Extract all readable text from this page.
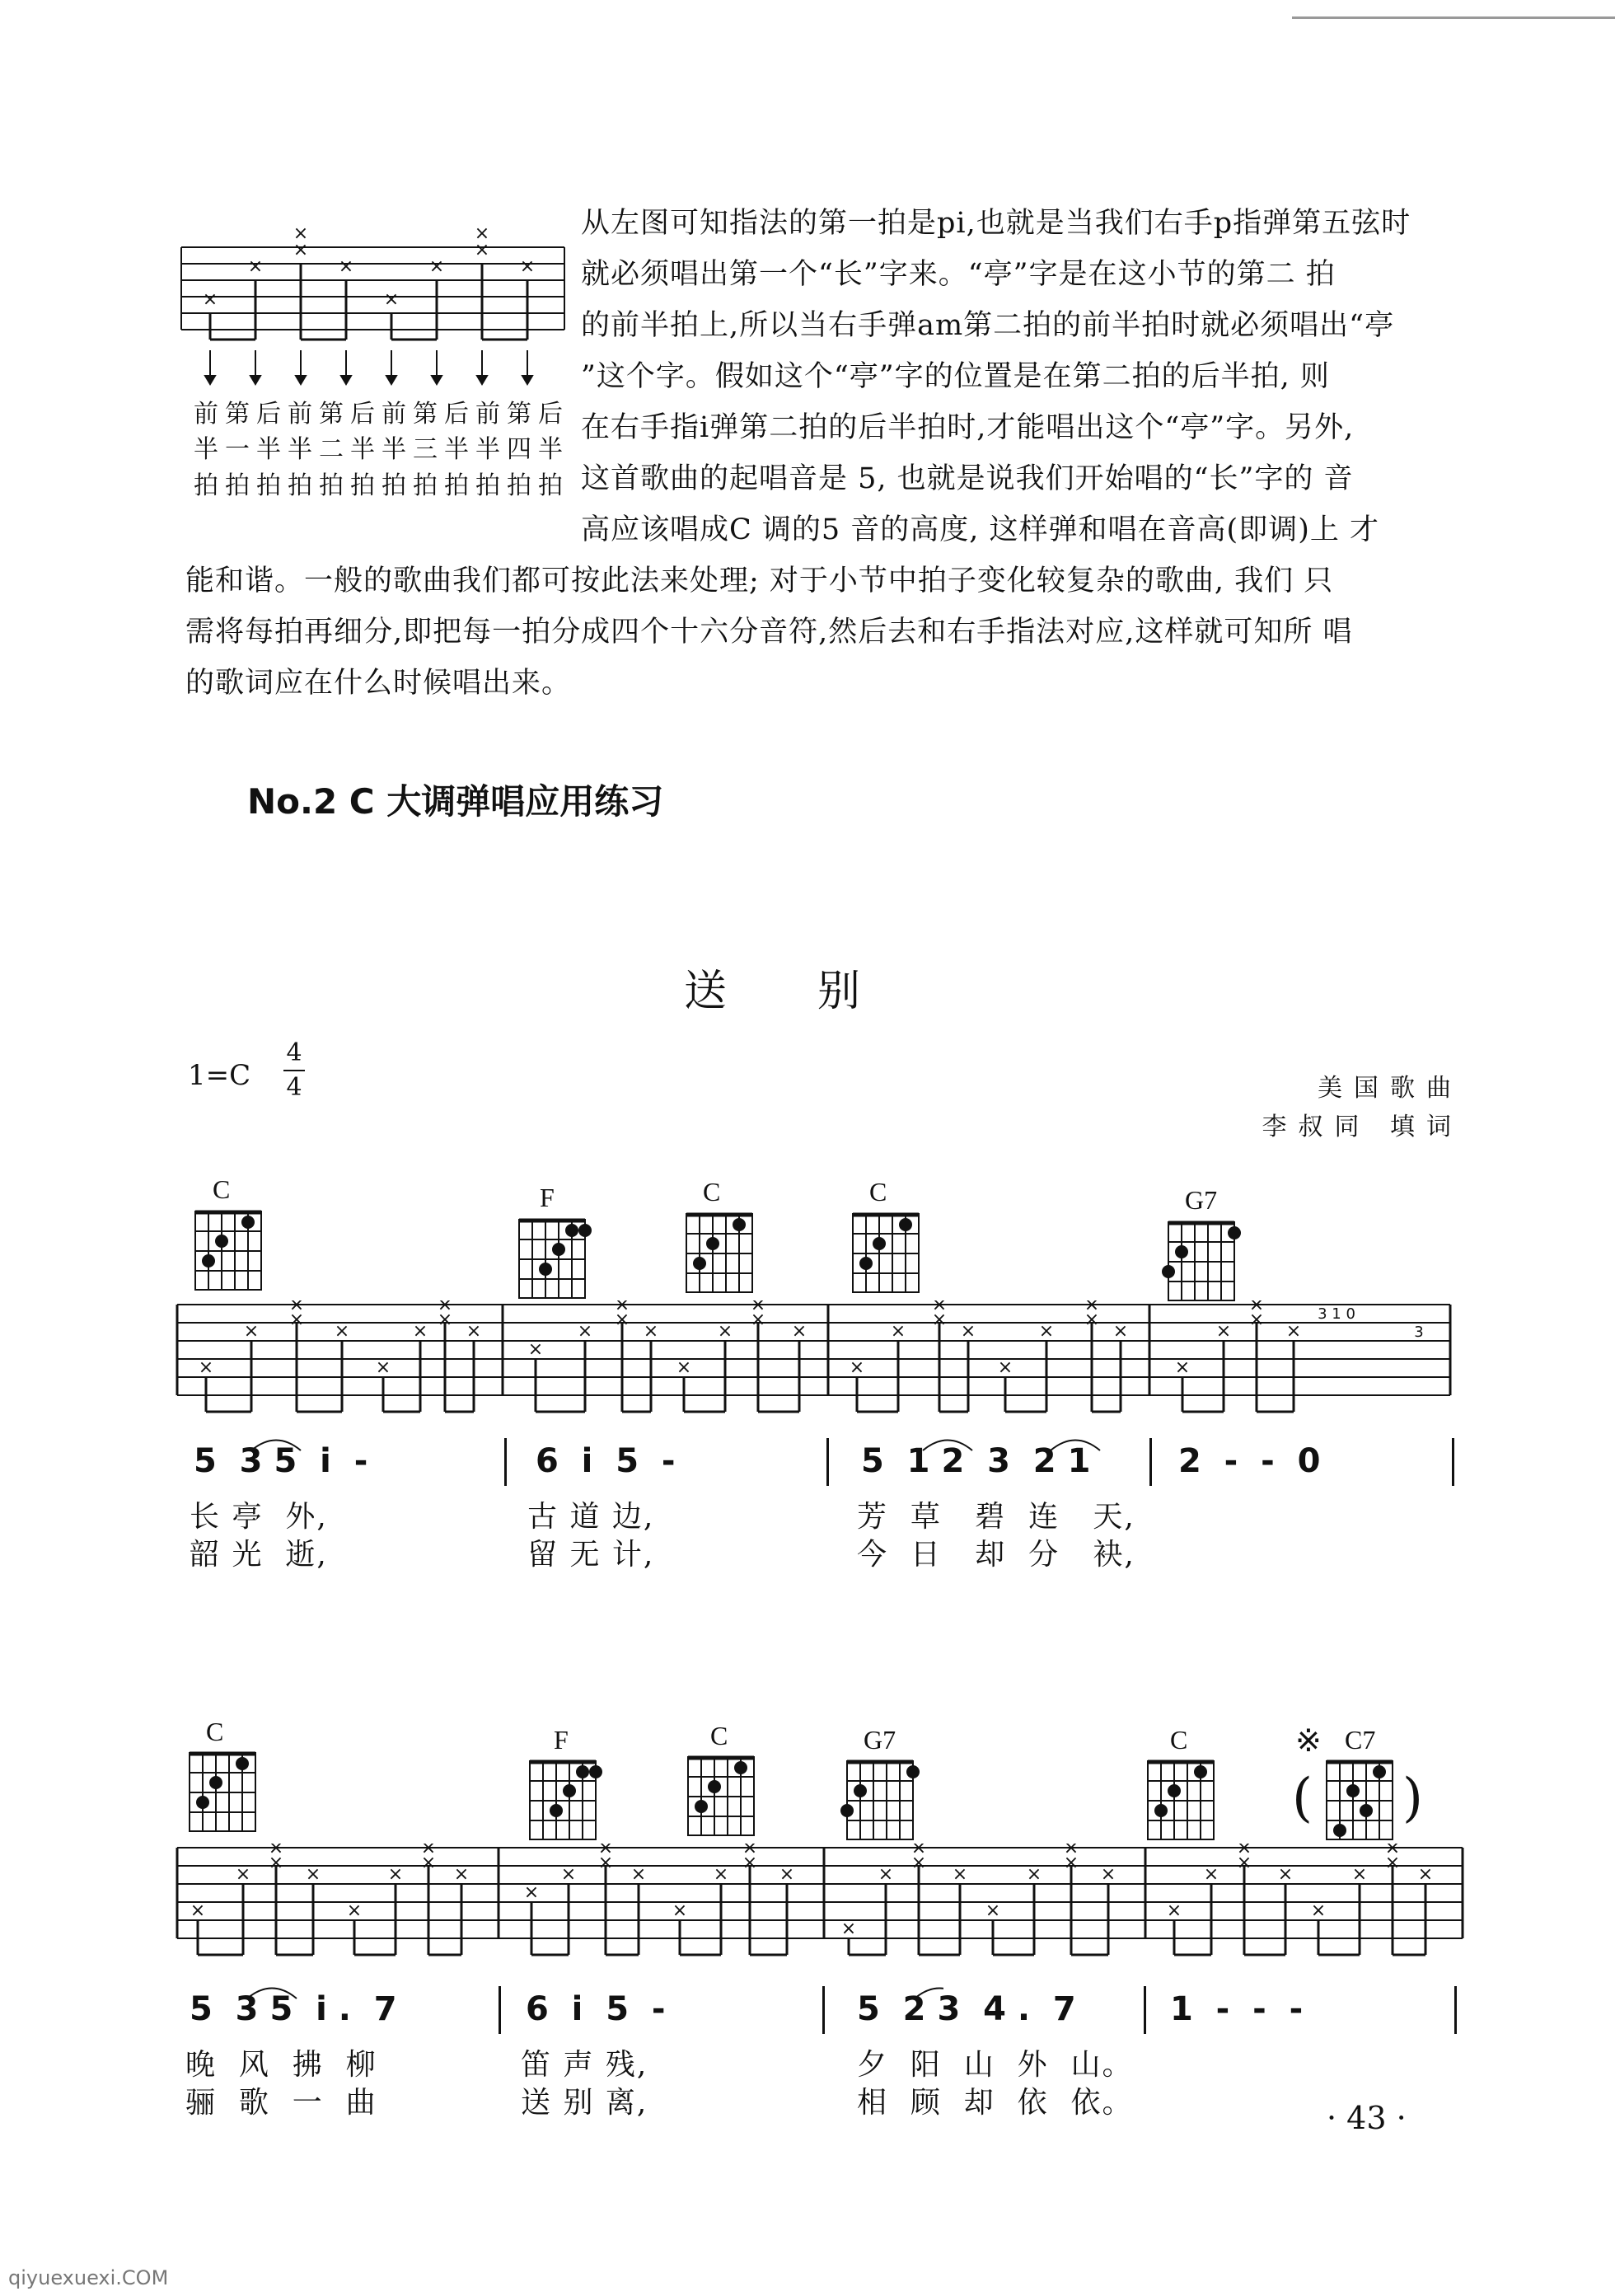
×
×
×
×
×
×
×
×
×
×
前 第 后 前 第 后 前 第 后 前 第 后
半 一 半 半 二 半 半 三 半 半 四 半
拍 拍 拍 拍 拍 拍 拍 拍 拍 拍 拍 拍
从左图可知指法的第一拍是pi,也就是当我们右手p指弹第五弦时
就必须唱出第一个“长”字来。“亭”字是在这小节的第二 拍
的前半拍上,所以当右手弹am第二拍的前半拍时就必须唱出“亭
”这个字。假如这个“亭”字的位置是在第二拍的后半拍, 则
在右手指i弹第二拍的后半拍时,才能唱出这个“亭”字。另外,
这首歌曲的起唱音是 5, 也就是说我们开始唱的“长”字的 音
高应该唱成C 调的5 音的高度, 这样弹和唱在音高(即调)上 才
能和谐。一般的歌曲我们都可按此法来处理; 对于小节中拍子变化较复杂的歌曲, 我们 只
需将每拍再细分,即把每一拍分成四个十六分音符,然后去和右手指法对应,这样就可知所 唱
的歌词应在什么时候唱出来。
No.2 C 大调弹唱应用练习
送别
1=C
4
4	美国歌曲
李叔同 填词
C	F	C	C	G7
×
×
×
×
×
×
×
×
×
×
×
×
×
×
×
×
×
×
×
×
×
×
×
×
×
×
×
×
×
×
×
×
×
×
×
3 1 0
3
5  3 5  i  -	6  i  5  -	5  1 2  3  2 1	2  -  -  0
长 亭  外,	古 道 边,	芳  草   碧  连   天,
韶 光  逝,	留 无 计,	今  日   却  分   袂,
C	F	C	G7	C	※ C7
( )
×
×
×
×
×
×
×
×
×
×
×
×
×
×
×
×
×
×
×
×
×
×
×
×
×
×
×
×
×
×
×
×
×
×
×
×
×
×
×
×
5  3 5  i .  7	6  i  5  -	5  2 3  4 .  7	1  -  -  -
晚  风  拂  柳	笛 声 残,	夕  阳  山  外  山。
骊  歌  一  曲	送 别 离,	相  顾  却  依  依。	· 43 ·
qiyuexuexi.COM
